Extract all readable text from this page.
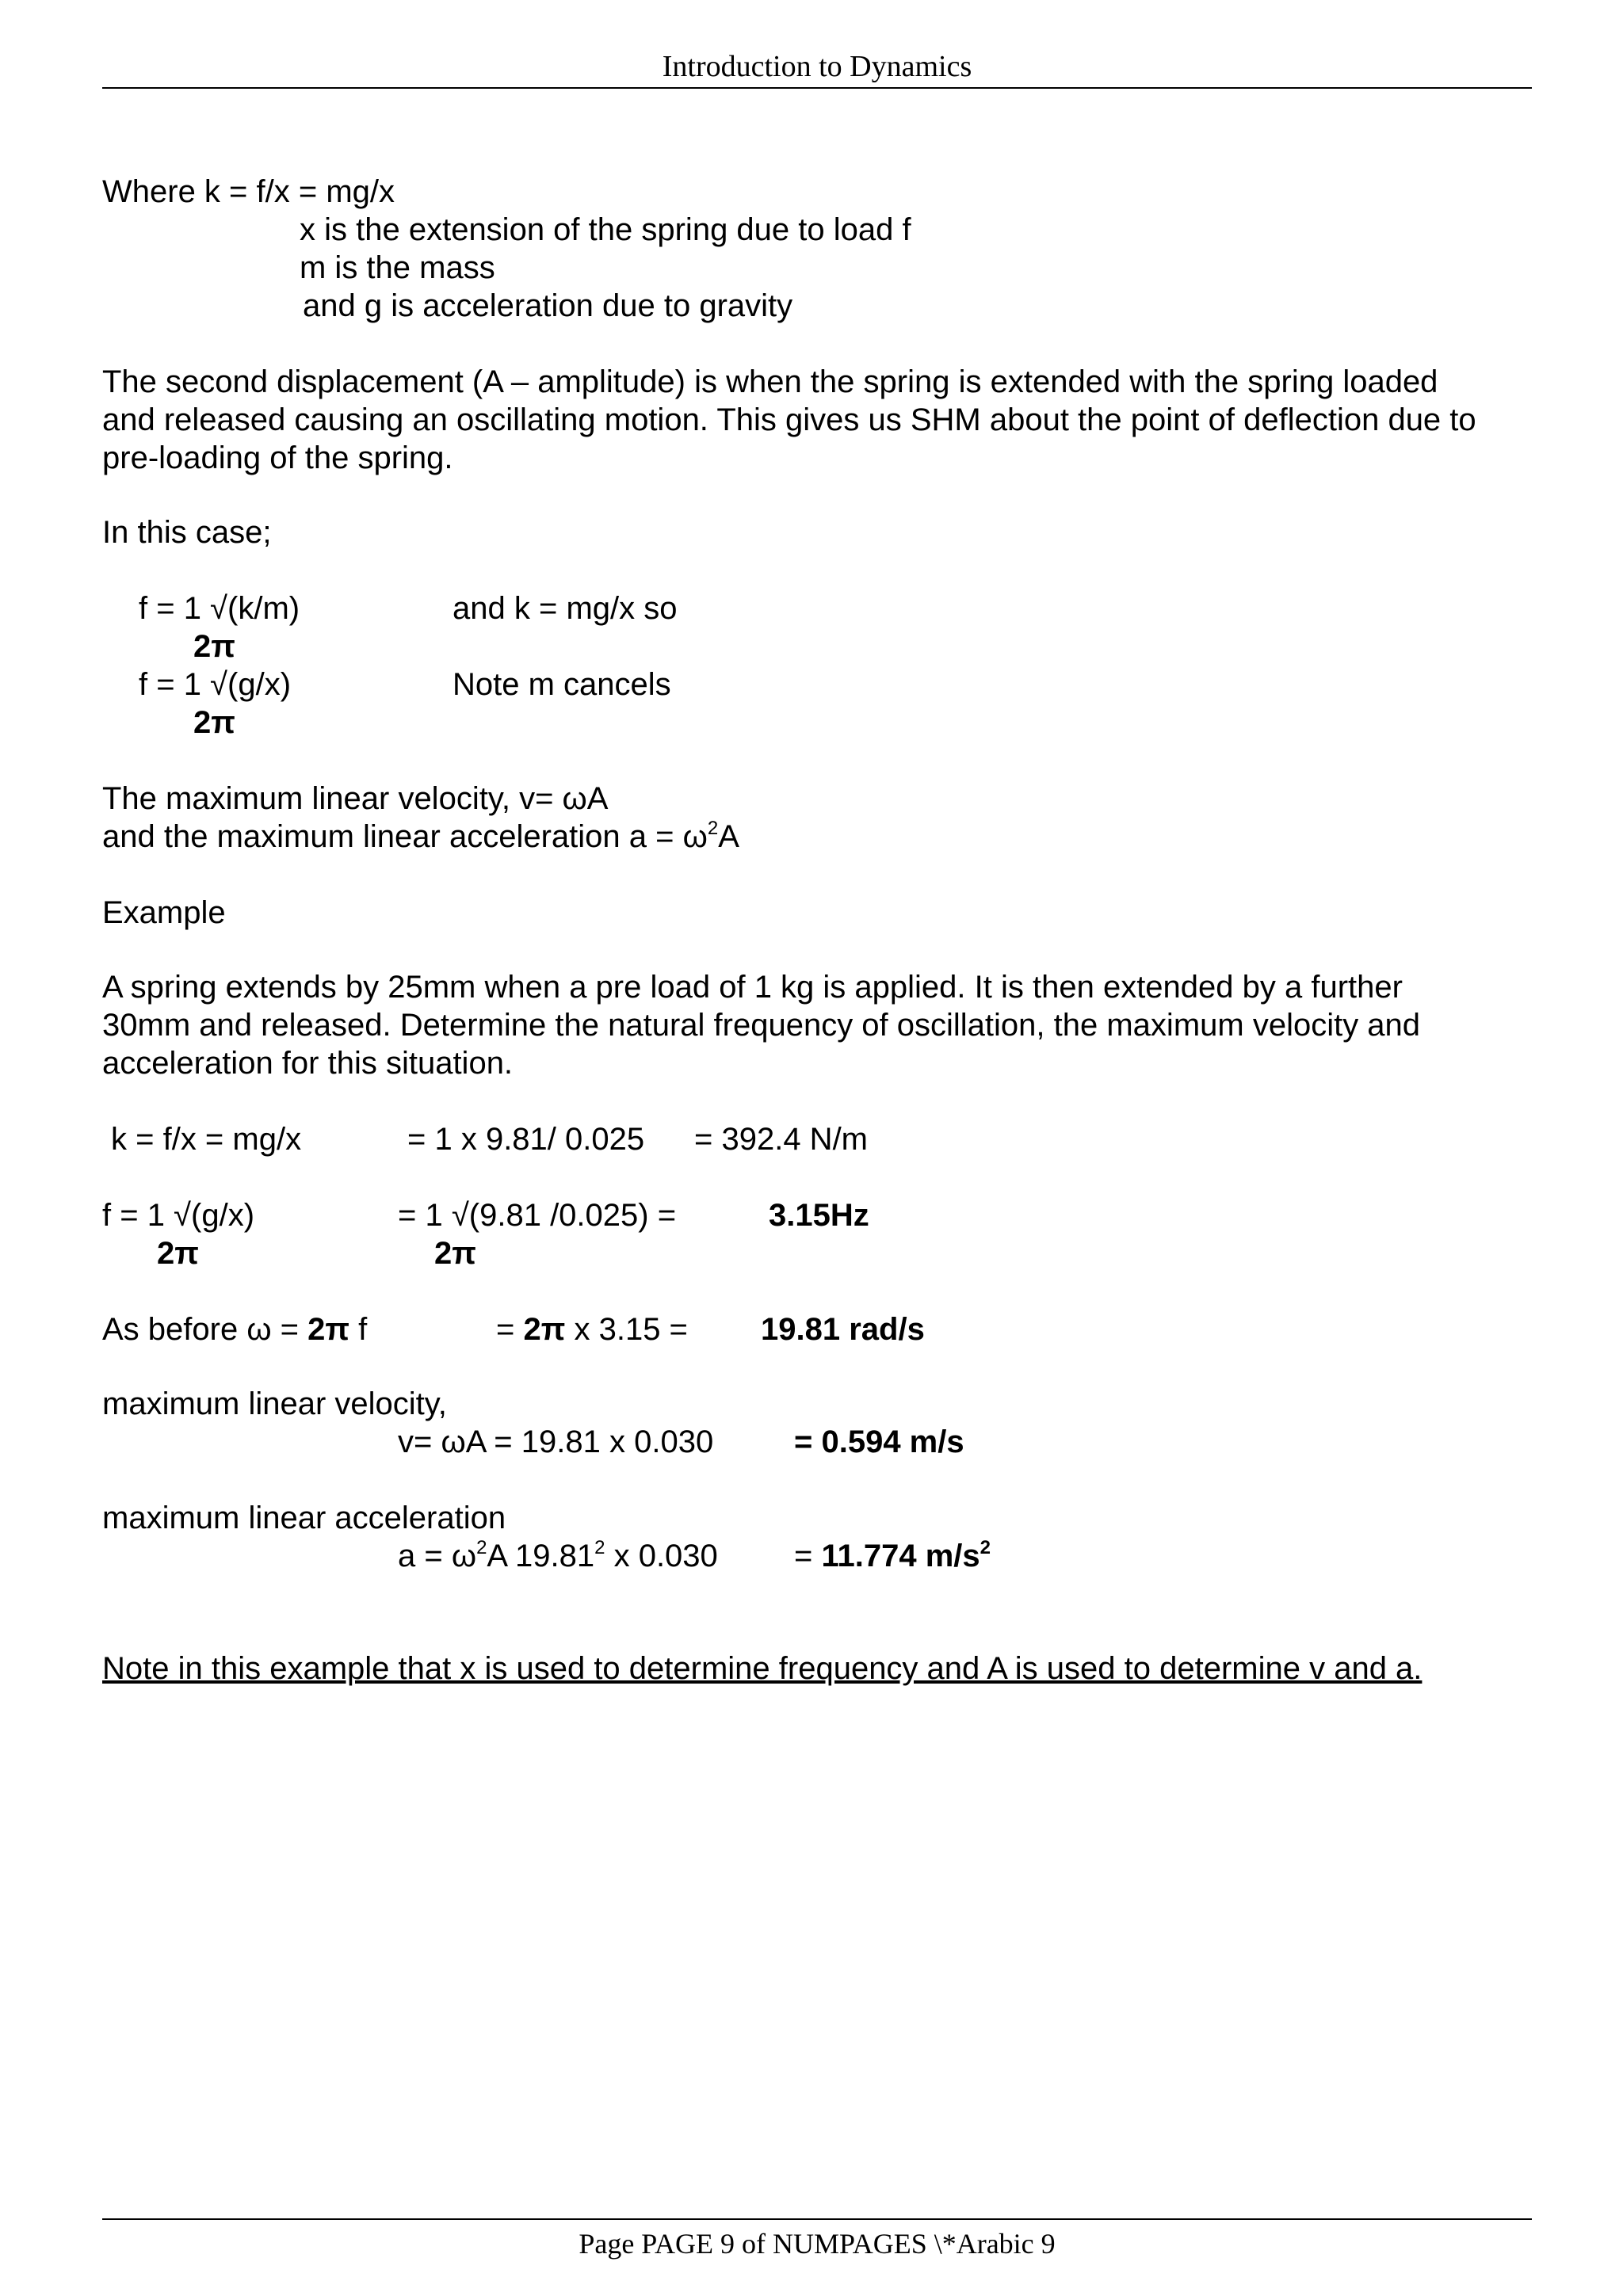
Introduction to Dynamics
Where k = f/x = mg/x
x is the extension of the spring due to load f
m is the mass
and g is acceleration due to gravity
The second displacement (A – amplitude) is when the spring is extended with the spring loaded
and released causing an oscillating motion. This gives us SHM about the point of deflection due to
pre-loading of the spring.
In this case;
f = 1 √(k/m)	and k = mg/x so
2π
f = 1 √(g/x)	Note m cancels
2π
The maximum linear velocity, v= ωA
and the maximum linear acceleration $a = \omega^2A$
Example
A spring extends by 25mm when a pre load of 1 kg is applied. It is then extended by a further
30mm and released. Determine the natural frequency of oscillation, the maximum velocity and
acceleration for this situation.
k = f/x = mg/x	= 1 x 9.81/ 0.025 = 392.4 N/m
f = 1 √(g/x)	= 1 √(9.81 /0.025) =	3.15Hz
2π	2π
As before ω = 2π f	= 2π x 3.15 = 19.81 rad/s
maximum linear velocity,
v= ωA = 19.81 x 0.030	= 0.594 m/s
maximum linear acceleration
$a = \omega^2A$ 19.81$^2$ x 0.030 = 11.774 $m/s^2$
Note in this example that x is used to determine frequency and A is used to determine v and a.
Page PAGE 9 of NUMPAGES \*Arabic 9
